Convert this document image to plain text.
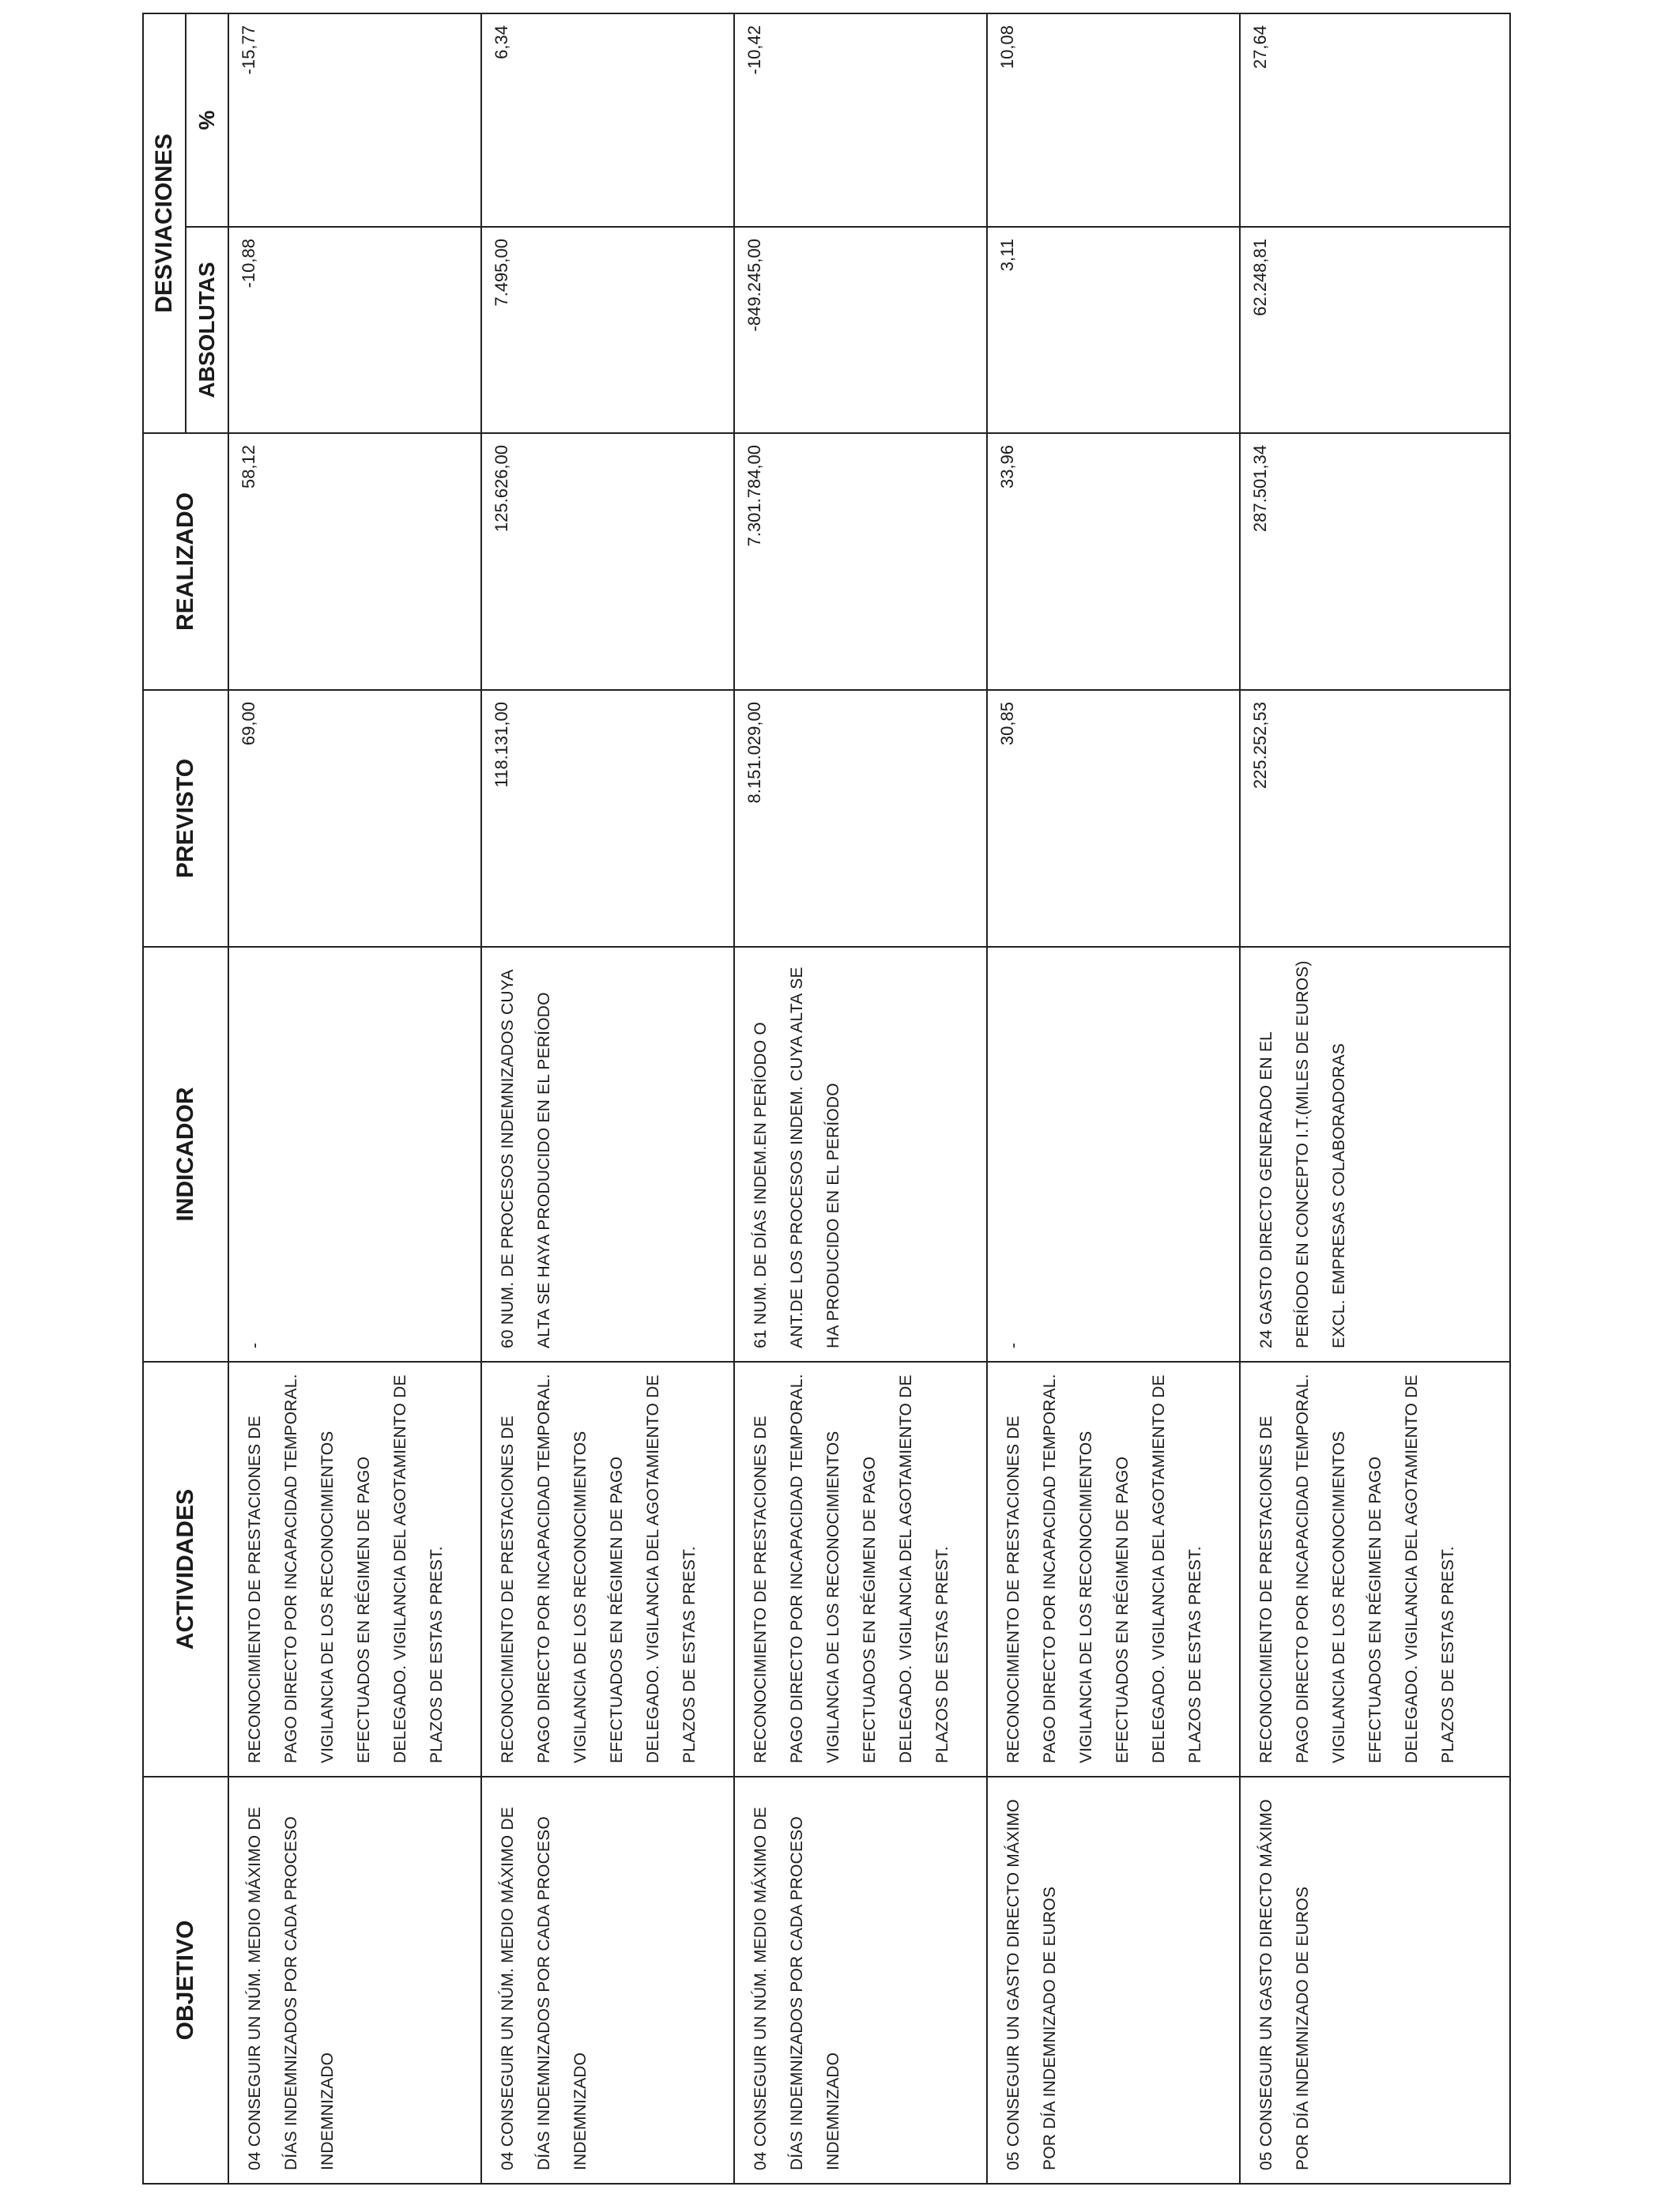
OBJETIVO	ACTIVIDADES	INDICADOR	PREVISTO	REALIZADO	DESVIACIONES	
					ABSOLUTAS	%

04 CONSEGUIR UN NÚM. MEDIO MÁXIMO DE DÍAS INDEMNIZADOS POR CADA PROCESO INDEMNIZADO	RECONOCIMIENTO DE PRESTACIONES DE PAGO DIRECTO POR INCAPACIDAD TEMPORAL. VIGILANCIA DE LOS RECONOCIMIENTOS EFECTUADOS EN RÉGIMEN DE PAGO DELEGADO. VIGILANCIA DEL AGOTAMIENTO DE PLAZOS DE ESTAS PREST.	-	69,00	58,12	-10,88	-15,77

04 CONSEGUIR UN NÚM. MEDIO MÁXIMO DE DÍAS INDEMNIZADOS POR CADA PROCESO INDEMNIZADO	RECONOCIMIENTO DE PRESTACIONES DE PAGO DIRECTO POR INCAPACIDAD TEMPORAL. VIGILANCIA DE LOS RECONOCIMIENTOS EFECTUADOS EN RÉGIMEN DE PAGO DELEGADO. VIGILANCIA DEL AGOTAMIENTO DE PLAZOS DE ESTAS PREST.	60 NUM. DE PROCESOS INDEMNIZADOS CUYA ALTA SE HAYA PRODUCIDO EN EL PERÍODO	118.131,00	125.626,00	7.495,00	6,34

04 CONSEGUIR UN NÚM. MEDIO MÁXIMO DE DÍAS INDEMNIZADOS POR CADA PROCESO INDEMNIZADO	RECONOCIMIENTO DE PRESTACIONES DE PAGO DIRECTO POR INCAPACIDAD TEMPORAL. VIGILANCIA DE LOS RECONOCIMIENTOS EFECTUADOS EN RÉGIMEN DE PAGO DELEGADO. VIGILANCIA DEL AGOTAMIENTO DE PLAZOS DE ESTAS PREST.	61 NUM. DE DÍAS INDEM.EN PERÍODO O ANT.DE LOS PROCESOS INDEM. CUYA ALTA SE HA PRODUCIDO EN EL PERÍODO	8.151.029,00	7.301.784,00	-849.245,00	-10,42

05 CONSEGUIR UN GASTO DIRECTO MÁXIMO POR DÍA INDEMNIZADO DE EUROS	RECONOCIMIENTO DE PRESTACIONES DE PAGO DIRECTO POR INCAPACIDAD TEMPORAL. VIGILANCIA DE LOS RECONOCIMIENTOS EFECTUADOS EN RÉGIMEN DE PAGO DELEGADO. VIGILANCIA DEL AGOTAMIENTO DE PLAZOS DE ESTAS PREST.	-	30,85	33,96	3,11	10,08

05 CONSEGUIR UN GASTO DIRECTO MÁXIMO POR DÍA INDEMNIZADO DE EUROS	RECONOCIMIENTO DE PRESTACIONES DE PAGO DIRECTO POR INCAPACIDAD TEMPORAL. VIGILANCIA DE LOS RECONOCIMIENTOS EFECTUADOS EN RÉGIMEN DE PAGO DELEGADO. VIGILANCIA DEL AGOTAMIENTO DE PLAZOS DE ESTAS PREST.	24 GASTO DIRECTO GENERADO EN EL PERÍODO EN CONCEPTO I.T.(MILES DE EUROS) EXCL. EMPRESAS COLABORADORAS	225.252,53	287.501,34	62.248,81	27,64
